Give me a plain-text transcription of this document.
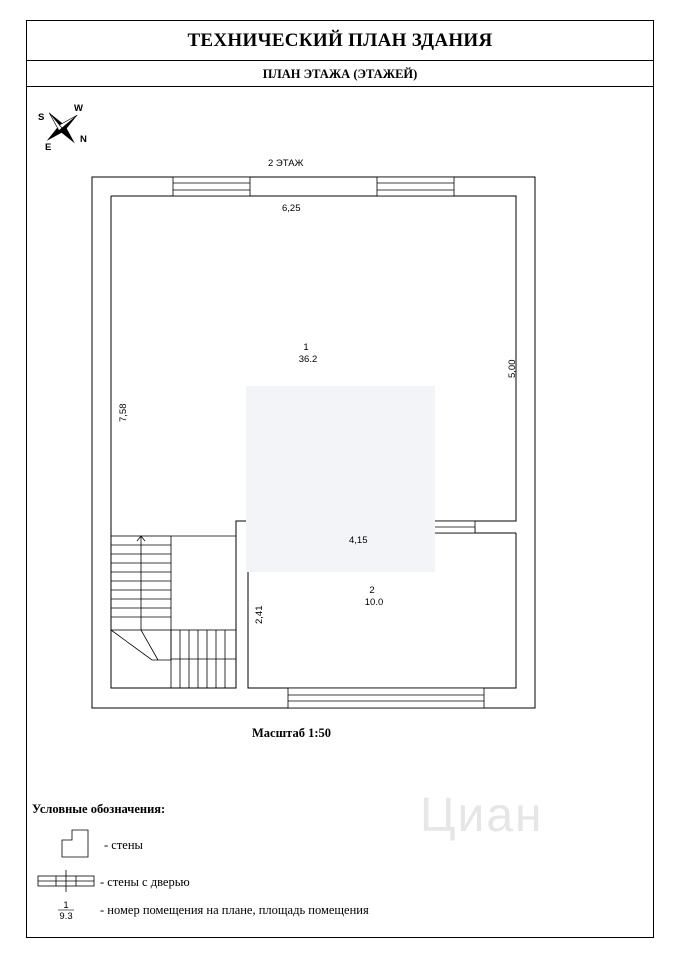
ТЕХНИЧЕСКИЙ ПЛАН ЗДАНИЯ
ПЛАН ЭТАЖА (ЭТАЖЕЙ)
Циан
W
S
E
N
2 ЭТАЖ
6,25
5,00
7,58
4,15
2,41
1
36.2
2
10.0
1
9.3
Масштаб 1:50
Условные обозначения:
- стены
- стены с дверью
- номер помещения на плане, площадь помещения
